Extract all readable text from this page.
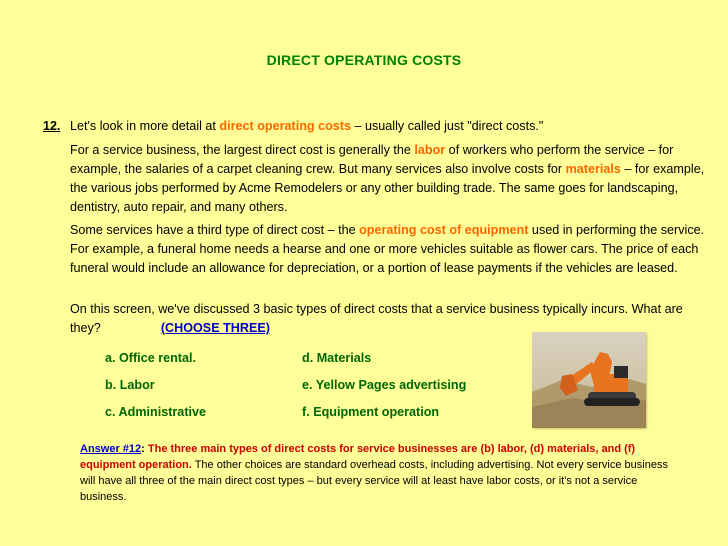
DIRECT OPERATING COSTS
12. Let's look in more detail at direct operating costs – usually called just "direct costs."
For a service business, the largest direct cost is generally the labor of workers who perform the service – for example, the salaries of a carpet cleaning crew. But many services also involve costs for materials – for example, the various jobs performed by Acme Remodelers or any other building trade. The same goes for landscaping, dentistry, auto repair, and many others.
Some services have a third type of direct cost – the operating cost of equipment used in performing the service. For example, a funeral home needs a hearse and one or more vehicles suitable as flower cars. The price of each funeral would include an allowance for depreciation, or a portion of lease payments if the vehicles are leased.
On this screen, we've discussed 3 basic types of direct costs that a service business typically incurs. What are they?	(CHOOSE THREE)
a. Office rental.
b. Labor
c. Administrative
d. Materials
e. Yellow Pages advertising
f. Equipment operation
Answer #12: The three main types of direct costs for service businesses are (b) labor, (d) materials, and (f) equipment operation. The other choices are standard overhead costs, including advertising. Not every service business will have all three of the main direct cost types – but every service will at least have labor costs, or it's not a service business.
